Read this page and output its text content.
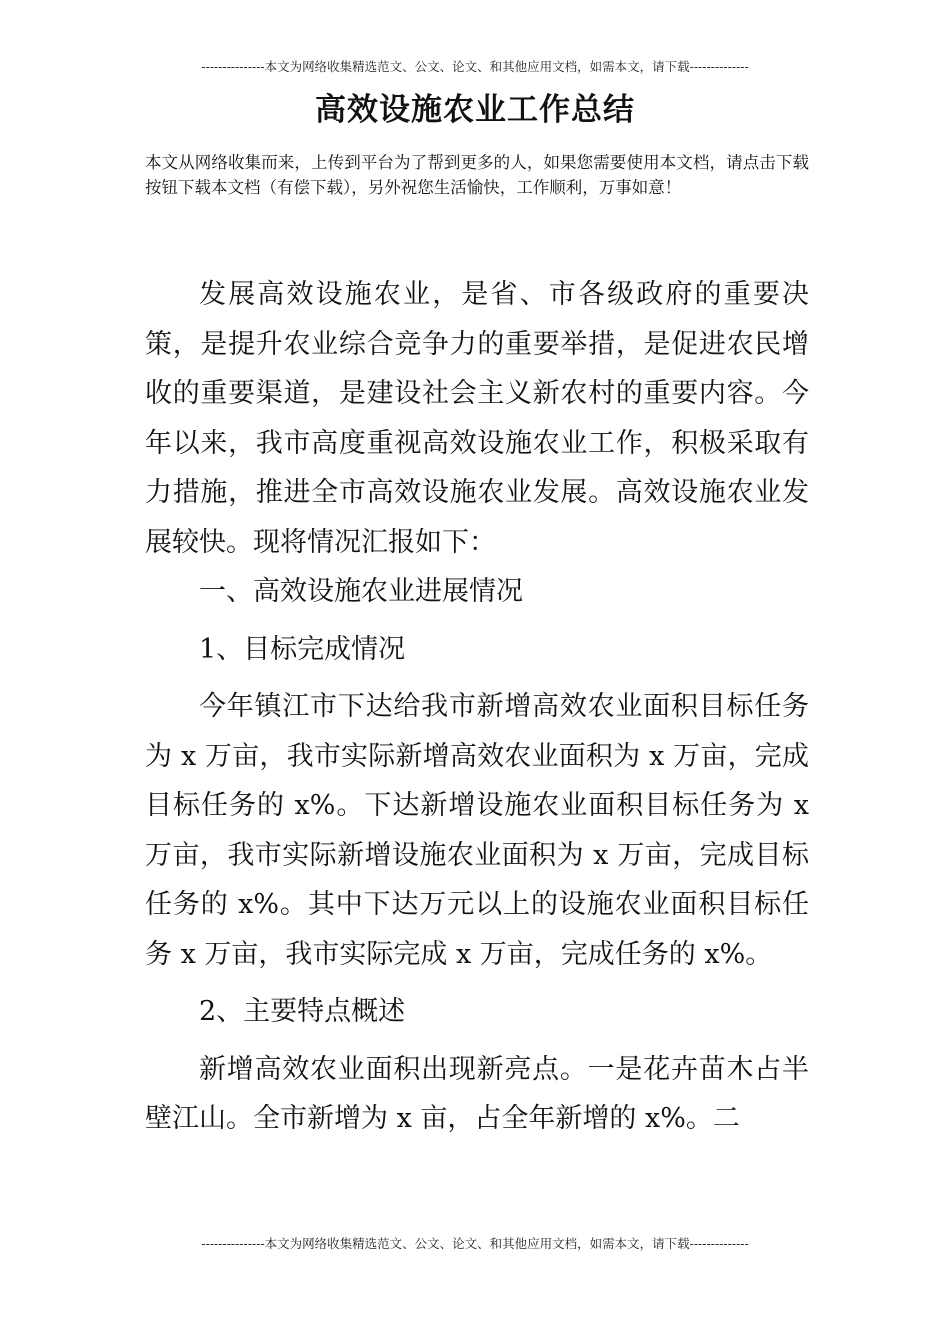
---------------本文为网络收集精选范文、公文、论文、和其他应用文档，如需本文，请下载--------------
高效设施农业工作总结
本文从网络收集而来，上传到平台为了帮到更多的人，如果您需要使用本文档，请点击下载按钮下载本文档（有偿下载），另外祝您生活愉快，工作顺利，万事如意！

发展高效设施农业，是省、市各级政府的重要决策，是提升农业综合竞争力的重要举措，是促进农民增收的重要渠道，是建设社会主义新农村的重要内容。今年以来，我市高度重视高效设施农业工作，积极采取有力措施，推进全市高效设施农业发展。高效设施农业发展较快。现将情况汇报如下：

一、高效设施农业进展情况

1、目标完成情况

今年镇江市下达给我市新增高效农业面积目标任务为 x 万亩，我市实际新增高效农业面积为 x 万亩，完成目标任务的 x%。下达新增设施农业面积目标任务为 x 万亩，我市实际新增设施农业面积为 x 万亩，完成目标任务的 x%。其中下达万元以上的设施农业面积目标任务 x 万亩，我市实际完成 x 万亩，完成任务的 x%。

2、主要特点概述

新增高效农业面积出现新亮点。一是花卉苗木占半壁江山。全市新增为 x 亩，占全年新增的 x%。二

---------------本文为网络收集精选范文、公文、论文、和其他应用文档，如需本文，请下载--------------
